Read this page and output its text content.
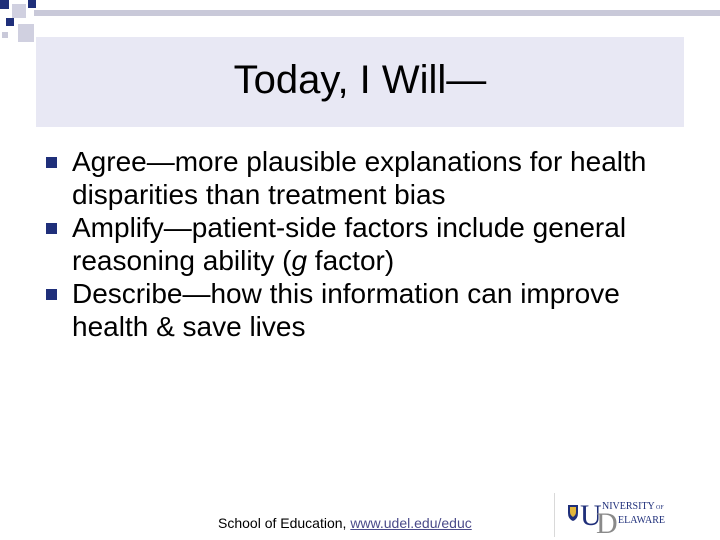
Today, I Will—
Agree—more plausible explanations for health disparities than treatment bias
Amplify—patient-side factors include general reasoning ability (g factor)
Describe—how this information can improve health & save lives
School of Education, www.udel.edu/educ	U
D
NIVERSITY OF
ELAWARE
